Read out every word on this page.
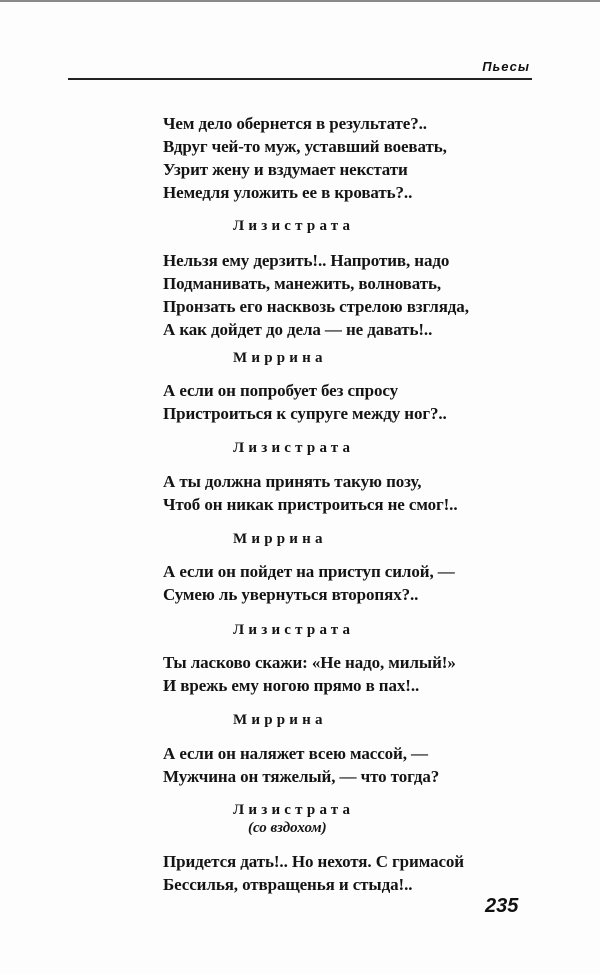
Пьесы
Чем дело обернется в результате?..
Вдруг чей-то муж, уставший воевать,
Узрит жену и вздумает некстати
Немедля уложить ее в кровать?..
Лизистрата
Нельзя ему дерзить!.. Напротив, надо
Подманивать, манежить, волновать,
Пронзать его насквозь стрелою взгляда,
А как дойдет до дела — не давать!..
Миррина
А если он попробует без спросу
Пристроиться к супруге между ног?..
Лизистрата
А ты должна принять такую позу,
Чтоб он никак пристроиться не смог!..
Миррина
А если он пойдет на приступ силой, —
Сумею ль увернуться второпях?..
Лизистрата
Ты ласково скажи: «Не надо, милый!»
И врежь ему ногою прямо в пах!..
Миррина
А если он наляжет всею массой, —
Мужчина он тяжелый, — что тогда?
Лизистрата
(со вздохом)
Придется дать!.. Но нехотя. С гримасой
Бессилья, отвращенья и стыда!..
235
